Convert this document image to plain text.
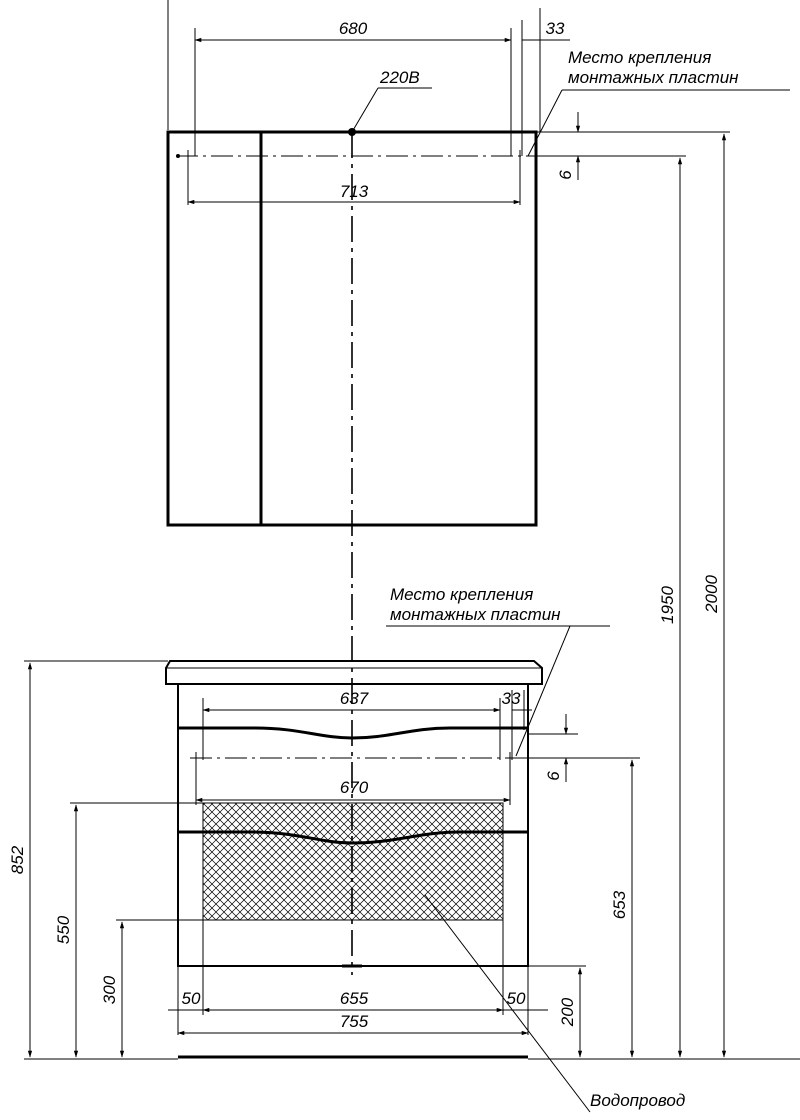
680	33
713
6
220В
Место крепления
монтажных пластин
637	33
670
6
Место крепления
монтажных пластин
50	655	50
755
Водопровод
852
550
300
653
200
1950 2000
